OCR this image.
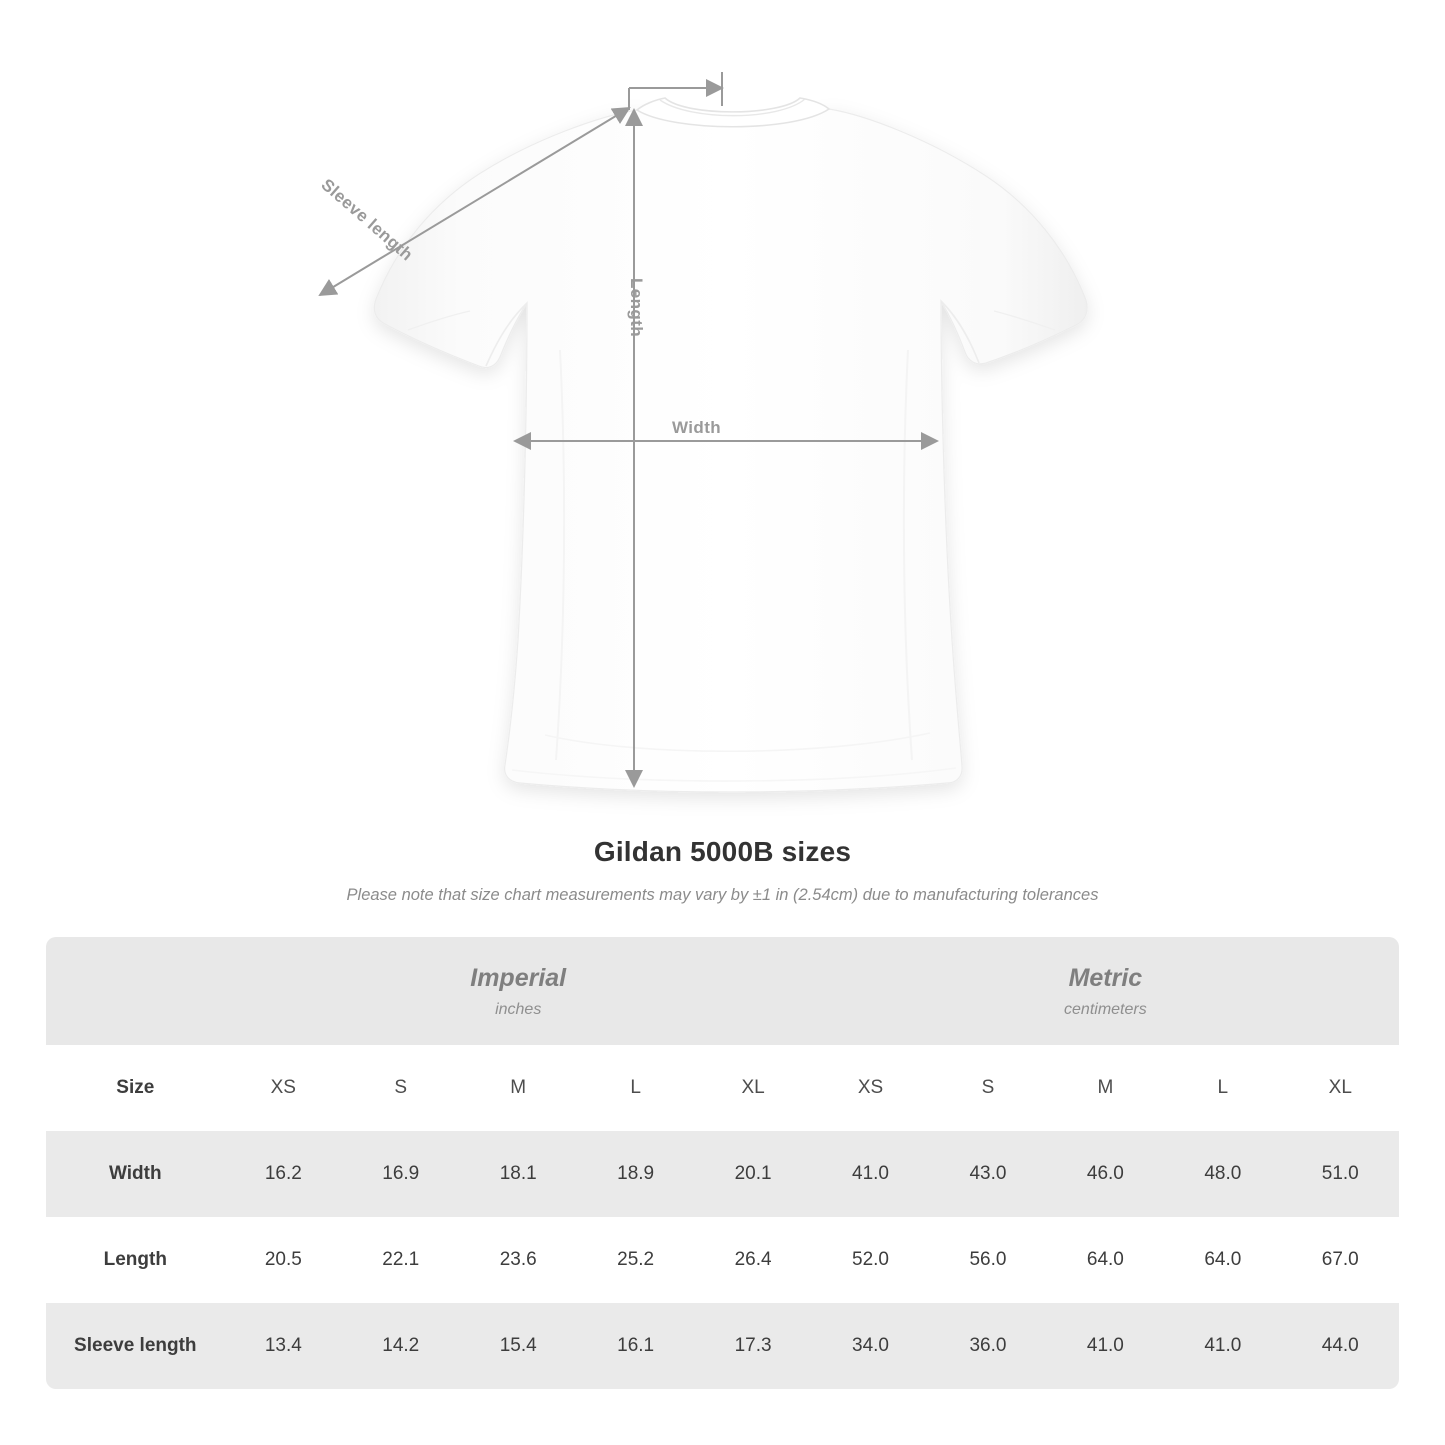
Sleeve length
Length
Width
Gildan 5000B sizes
Please note that size chart measurements may vary by ±1 in (2.54cm) due to manufacturing tolerances

Imperial
inches

Metric
centimeters

Size	XS	S	M	L	XL	XS	S	M	L	XL
Width	16.2	16.9	18.1	18.9	20.1	41.0	43.0	46.0	48.0	51.0
Length	20.5	22.1	23.6	25.2	26.4	52.0	56.0	64.0	64.0	67.0
Sleeve length	13.4	14.2	15.4	16.1	17.3	34.0	36.0	41.0	41.0	44.0
